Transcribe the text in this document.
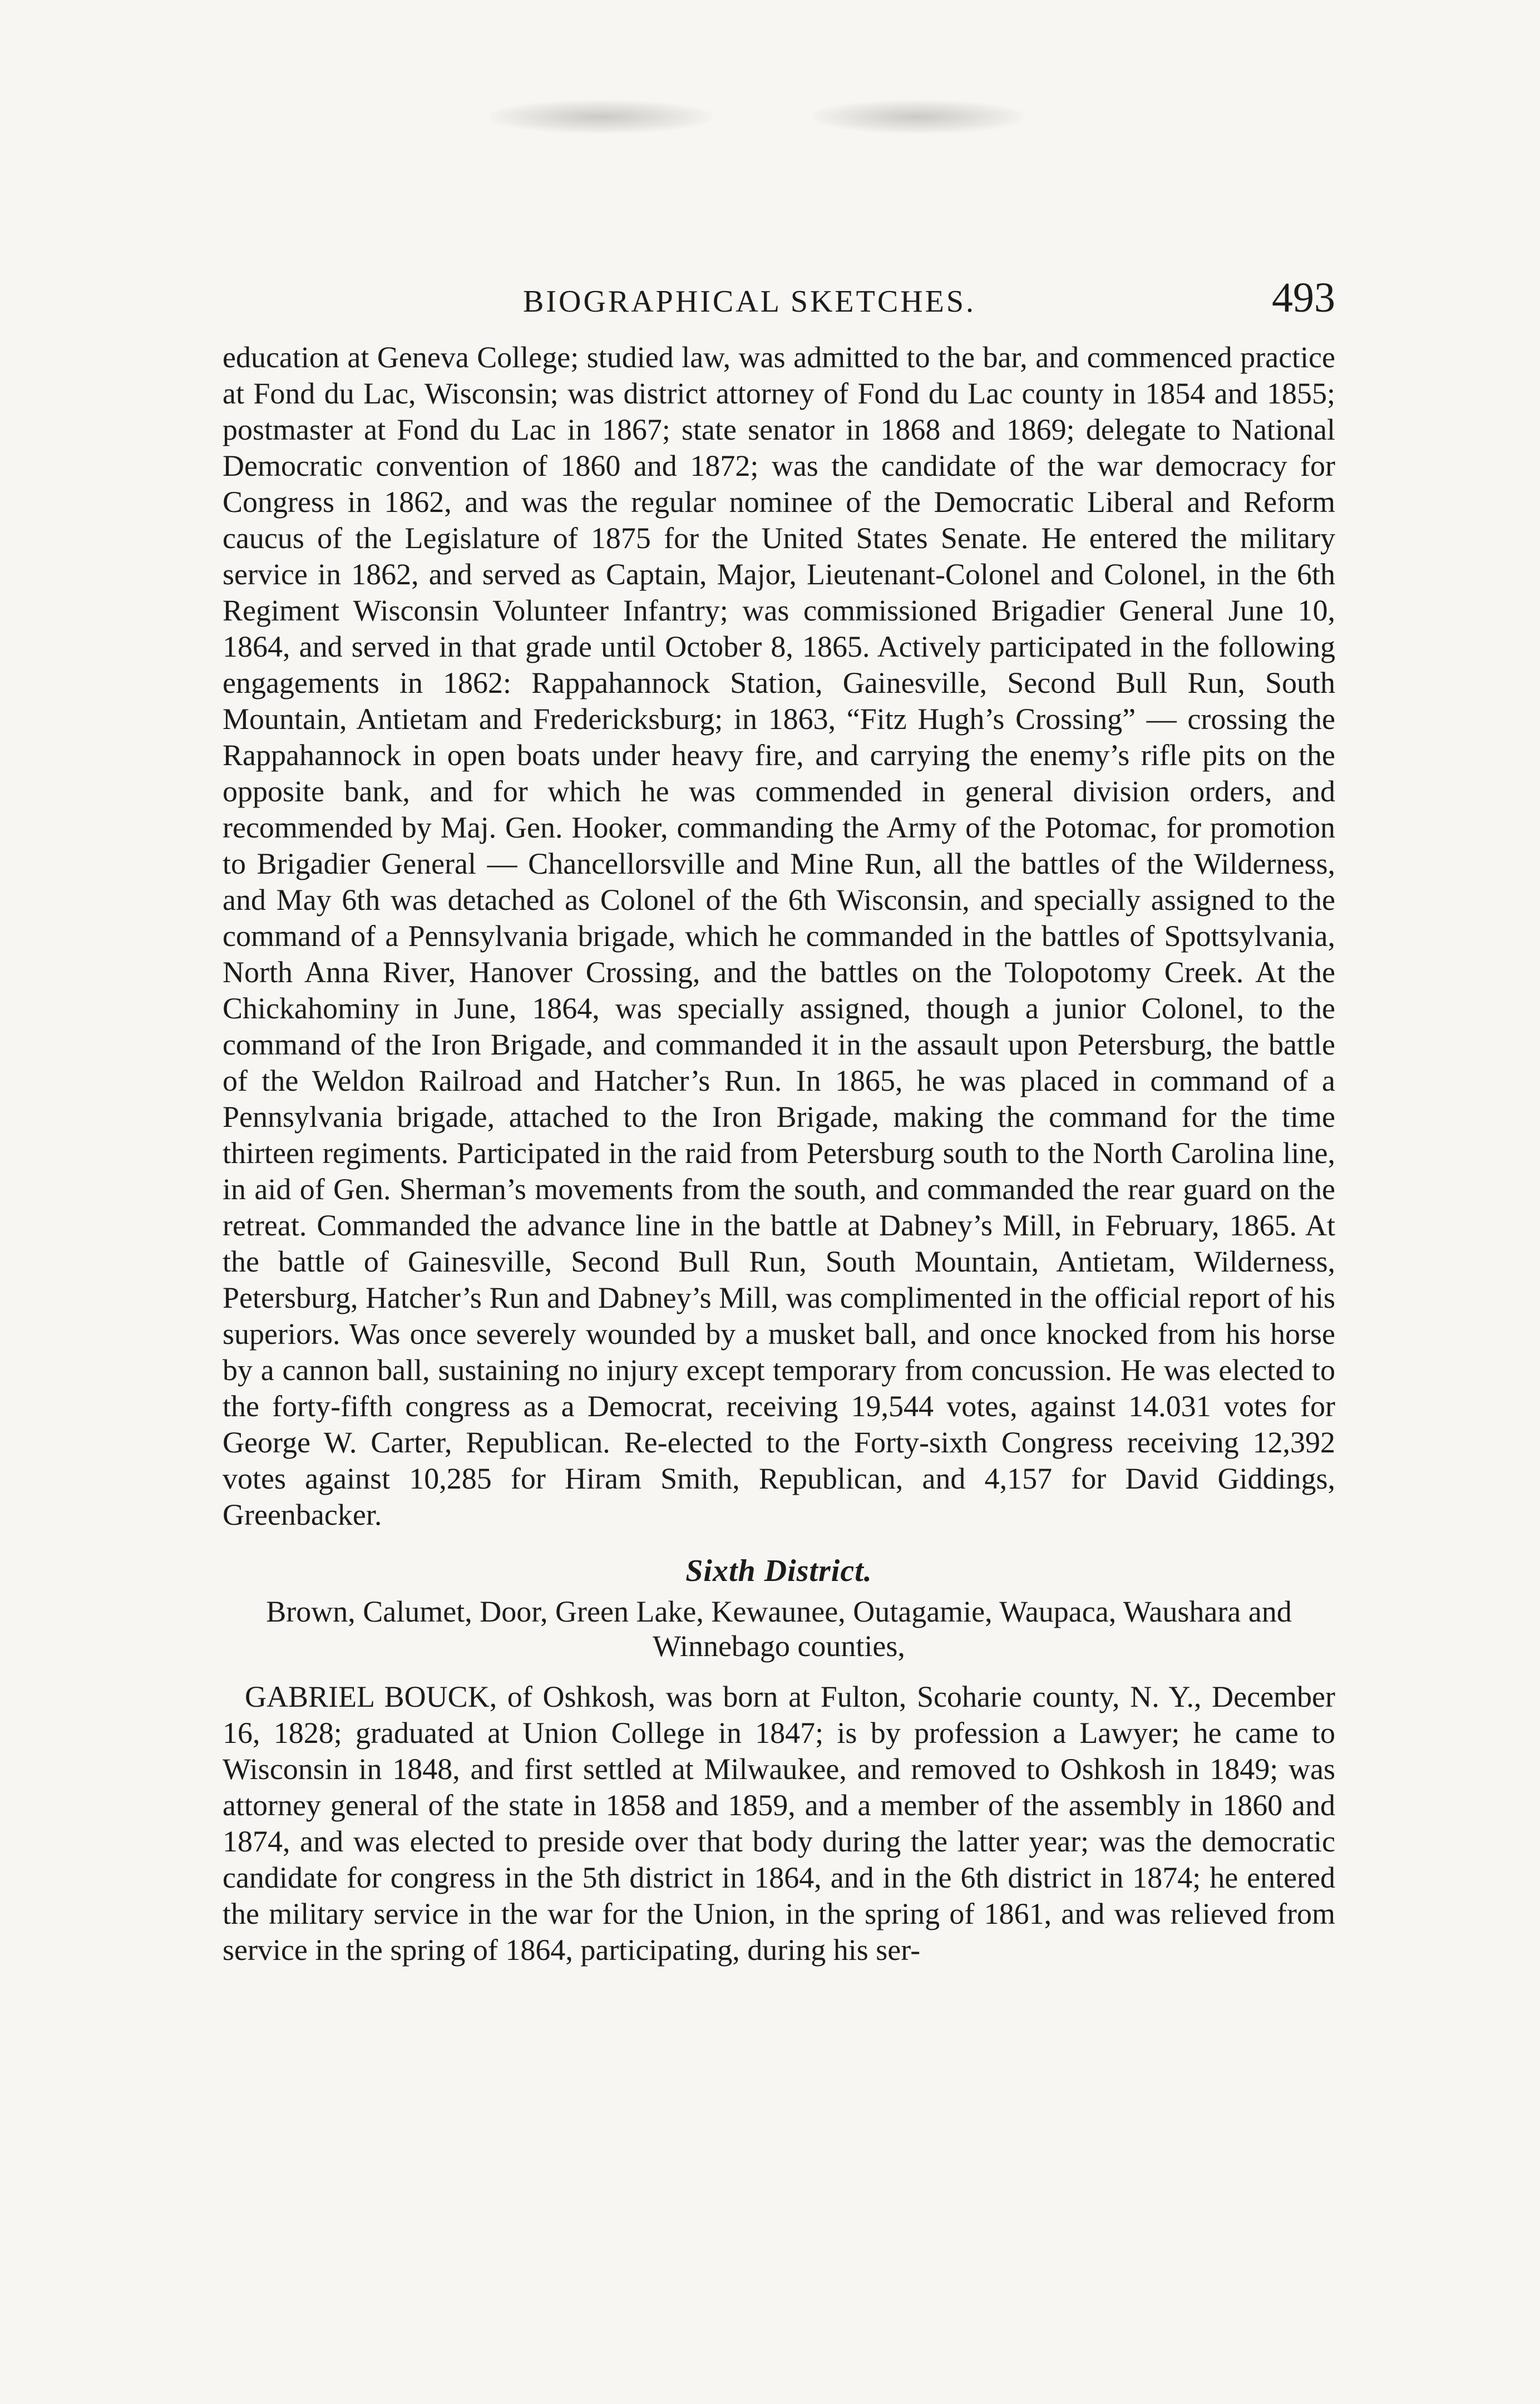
BIOGRAPHICAL SKETCHES.	493

education at Geneva College; studied law, was admitted to the bar, and commenced practice at Fond du Lac, Wisconsin; was district attorney of Fond du Lac county in 1854 and 1855; postmaster at Fond du Lac in 1867; state senator in 1868 and 1869; delegate to National Democratic convention of 1860 and 1872; was the candidate of the war democracy for Congress in 1862, and was the regular nominee of the Democratic Liberal and Reform caucus of the Legislature of 1875 for the United States Senate. He entered the military service in 1862, and served as Captain, Major, Lieutenant-Colonel and Colonel, in the 6th Regiment Wisconsin Volunteer Infantry; was commissioned Brigadier General June 10, 1864, and served in that grade until October 8, 1865. Actively participated in the following engagements in 1862: Rappahannock Station, Gainesville, Second Bull Run, South Mountain, Antietam and Fredericksburg; in 1863, “Fitz Hugh’s Crossing” — crossing the Rappahannock in open boats under heavy fire, and carrying the enemy’s rifle pits on the opposite bank, and for which he was commended in general division orders, and recommended by Maj. Gen. Hooker, commanding the Army of the Potomac, for promotion to Brigadier General — Chancellorsville and Mine Run, all the battles of the Wilderness, and May 6th was detached as Colonel of the 6th Wisconsin, and specially assigned to the command of a Pennsylvania brigade, which he commanded in the battles of Spottsylvania, North Anna River, Hanover Crossing, and the battles on the Tolopotomy Creek. At the Chickahominy in June, 1864, was specially assigned, though a junior Colonel, to the command of the Iron Brigade, and commanded it in the assault upon Petersburg, the battle of the Weldon Railroad and Hatcher’s Run. In 1865, he was placed in command of a Pennsylvania brigade, attached to the Iron Brigade, making the command for the time thirteen regiments. Participated in the raid from Petersburg south to the North Carolina line, in aid of Gen. Sherman’s movements from the south, and commanded the rear guard on the retreat. Commanded the advance line in the battle at Dabney’s Mill, in February, 1865. At the battle of Gainesville, Second Bull Run, South Mountain, Antietam, Wilderness, Petersburg, Hatcher’s Run and Dabney’s Mill, was complimented in the official report of his superiors. Was once severely wounded by a musket ball, and once knocked from his horse by a cannon ball, sustaining no injury except temporary from concussion. He was elected to the forty-fifth congress as a Democrat, receiving 19,544 votes, against 14.031 votes for George W. Carter, Republican. Re-elected to the Forty-sixth Congress receiving 12,392 votes against 10,285 for Hiram Smith, Republican, and 4,157 for David Giddings, Greenbacker.

Sixth District.

Brown, Calumet, Door, Green Lake, Kewaunee, Outagamie, Waupaca, Waushara and Winnebago counties,

GABRIEL BOUCK, of Oshkosh, was born at Fulton, Scoharie county, N. Y., December 16, 1828; graduated at Union College in 1847; is by profession a Lawyer; he came to Wisconsin in 1848, and first settled at Milwaukee, and removed to Oshkosh in 1849; was attorney general of the state in 1858 and 1859, and a member of the assembly in 1860 and 1874, and was elected to preside over that body during the latter year; was the democratic candidate for congress in the 5th district in 1864, and in the 6th district in 1874; he entered the military service in the war for the Union, in the spring of 1861, and was relieved from service in the spring of 1864, participating, during his ser-
